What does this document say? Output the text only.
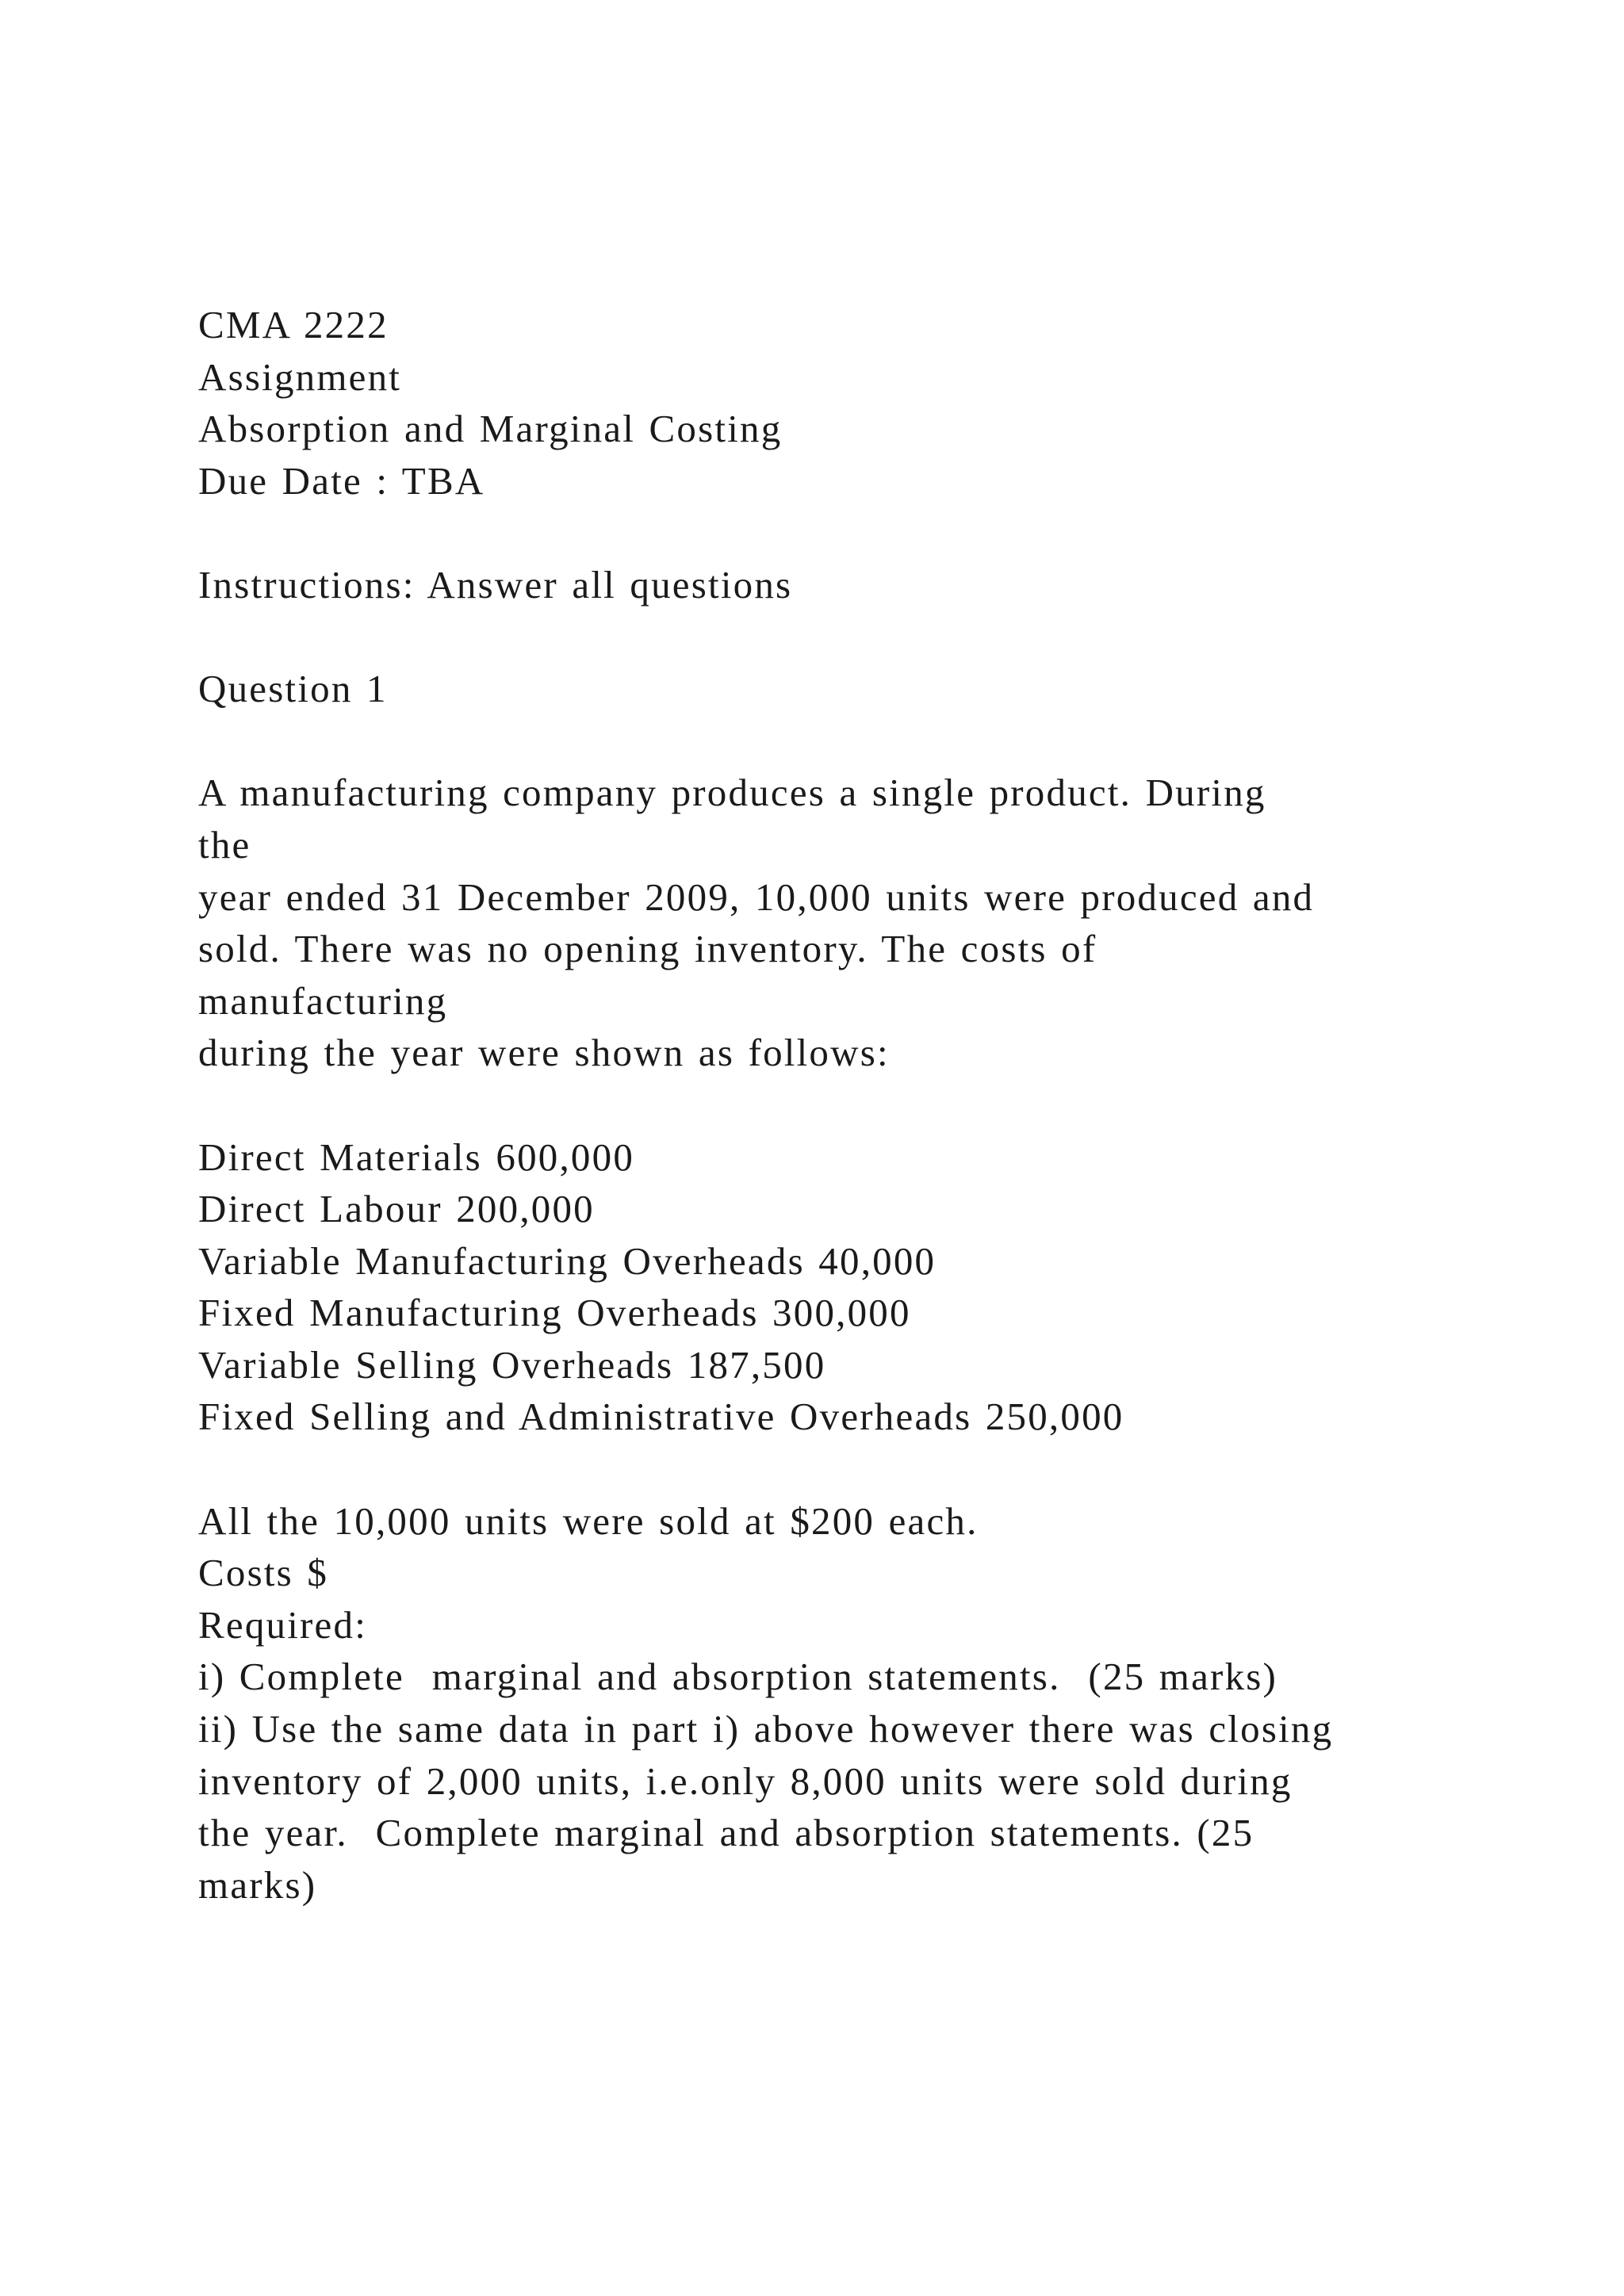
CMA 2222
Assignment
Absorption and Marginal Costing
Due Date : TBA
Instructions: Answer all questions
Question 1
A manufacturing company produces a single product. During
the
year ended 31 December 2009, 10,000 units were produced and
sold. There was no opening inventory. The costs of
manufacturing
during the year were shown as follows:
Direct Materials 600,000
Direct Labour 200,000
Variable Manufacturing Overheads 40,000
Fixed Manufacturing Overheads 300,000
Variable Selling Overheads 187,500
Fixed Selling and Administrative Overheads 250,000
All the 10,000 units were sold at $200 each.
Costs $
Required:
i) Complete  marginal and absorption statements.  (25 marks)
ii) Use the same data in part i) above however there was closing
inventory of 2,000 units, i.e.only 8,000 units were sold during
the year.  Complete marginal and absorption statements. (25
marks)
